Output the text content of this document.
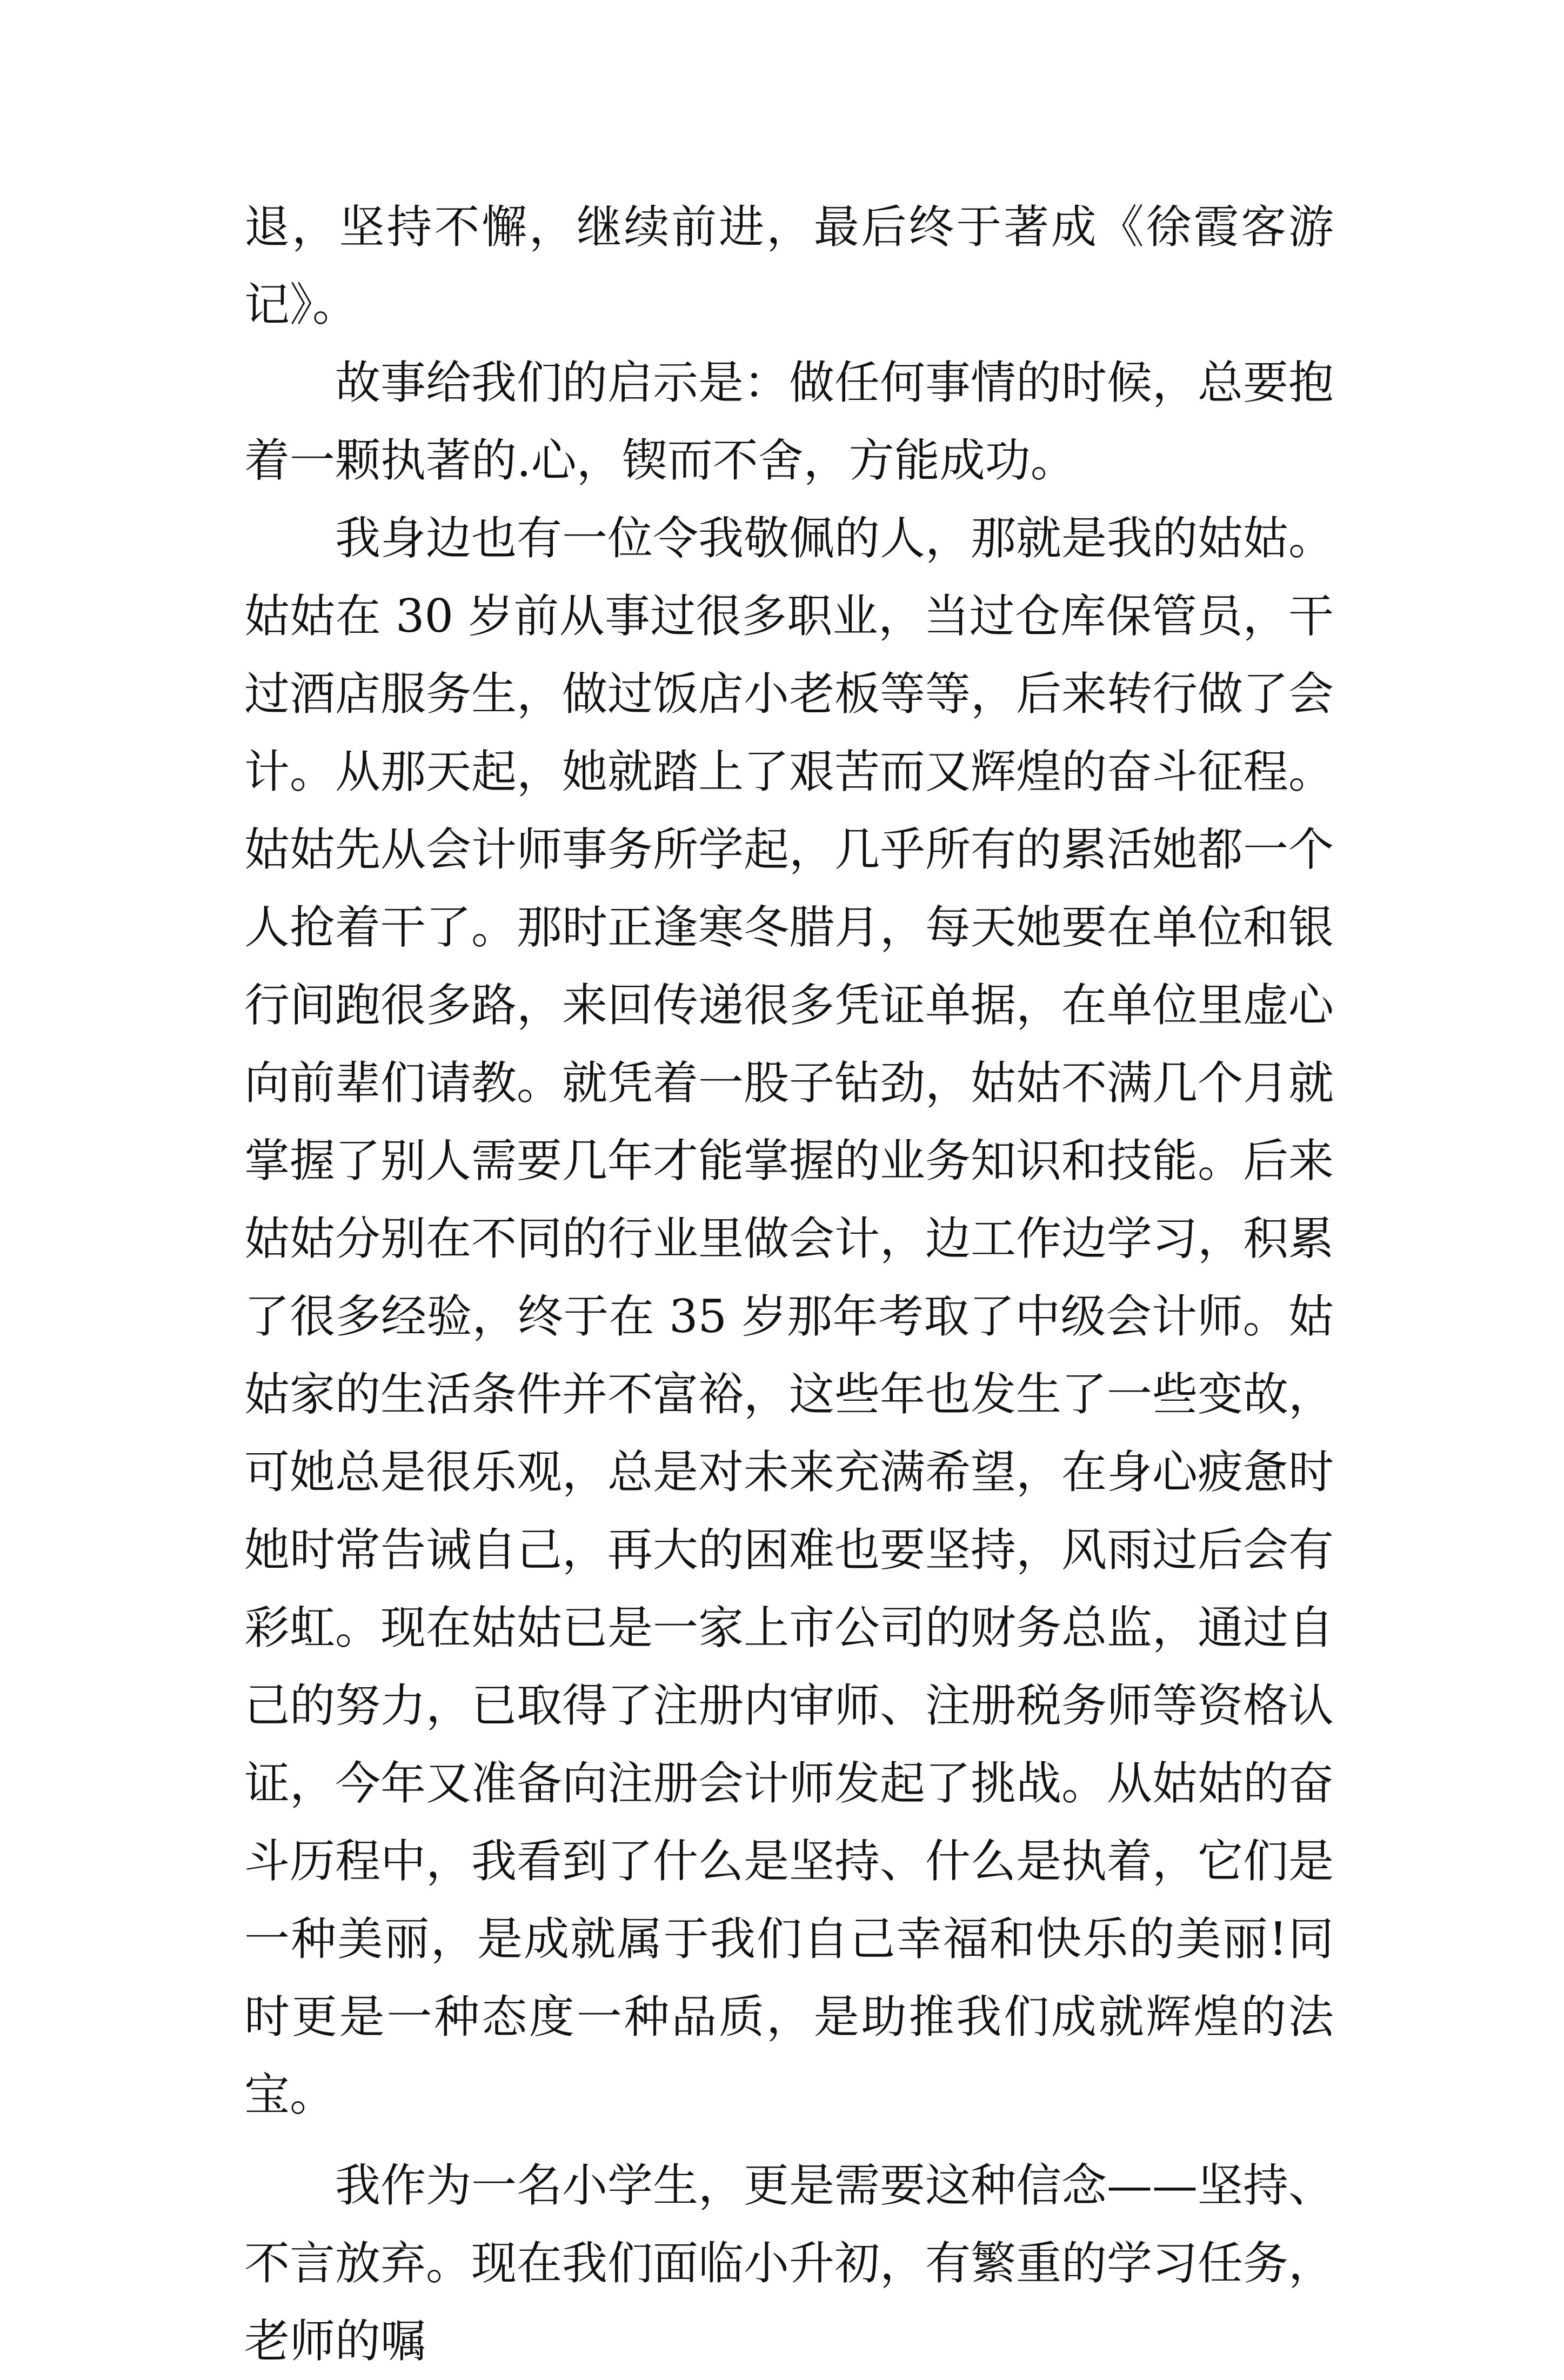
退，坚持不懈，继续前进，最后终于著成《徐霞客游记》。

故事给我们的启示是：做任何事情的时候，总要抱着一颗执著的.心，锲而不舍，方能成功。

我身边也有一位令我敬佩的人，那就是我的姑姑。姑姑在 30 岁前从事过很多职业，当过仓库保管员，干过酒店服务生，做过饭店小老板等等，后来转行做了会计。从那天起，她就踏上了艰苦而又辉煌的奋斗征程。姑姑先从会计师事务所学起，几乎所有的累活她都一个人抢着干了。那时正逢寒冬腊月，每天她要在单位和银行间跑很多路，来回传递很多凭证单据，在单位里虚心向前辈们请教。就凭着一股子钻劲，姑姑不满几个月就掌握了别人需要几年才能掌握的业务知识和技能。后来姑姑分别在不同的行业里做会计，边工作边学习，积累了很多经验，终于在 35 岁那年考取了中级会计师。姑姑家的生活条件并不富裕，这些年也发生了一些变故，可她总是很乐观，总是对未来充满希望，在身心疲惫时她时常告诫自己，再大的困难也要坚持，风雨过后会有彩虹。现在姑姑已是一家上市公司的财务总监，通过自己的努力，已取得了注册内审师、注册税务师等资格认证，今年又准备向注册会计师发起了挑战。从姑姑的奋斗历程中，我看到了什么是坚持、什么是执着，它们是一种美丽，是成就属于我们自己幸福和快乐的美丽!同时更是一种态度一种品质，是助推我们成就辉煌的法宝。

我作为一名小学生，更是需要这种信念——坚持、不言放弃。现在我们面临小升初，有繁重的学习任务，老师的嘱
